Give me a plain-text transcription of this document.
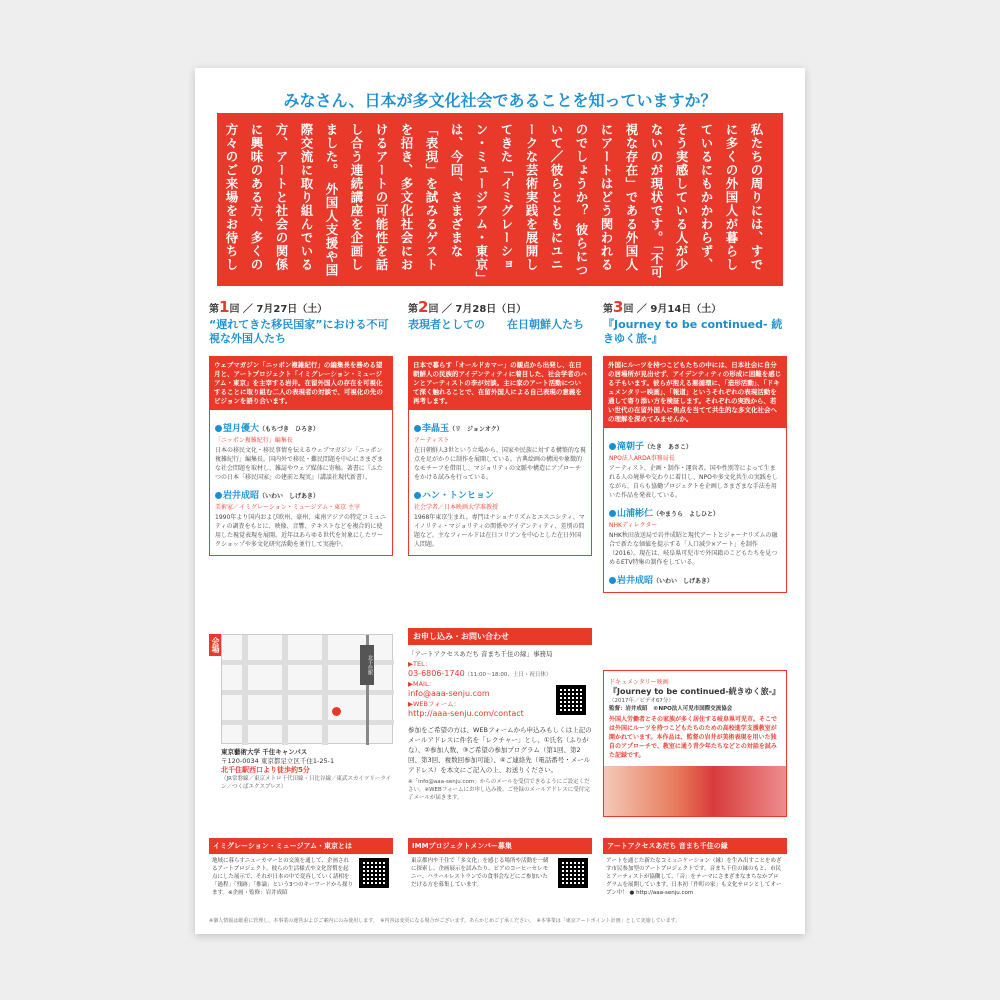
みなさん、日本が多文化社会であることを知っていますか？
私たちの周りには、すでに多くの外国人が暮らしているにもかかわらず、そう実感している人が少ないのが現状です。「不可視な存在」である外国人にアートはどう関われるのでしょうか？ 彼らについて／彼らとともにユニークな芸術実践を展開してきた「イミグレーション・ミュージアム・東京」は、今回、さまざまな「表現」を試みるゲストを招き、多文化社会におけるアートの可能性を話し合う連続講座を企画しました。 外国人支援や国際交流に取り組んでいる方、アートと社会の関係に興味のある方、多くの方々のご来場をお待ちしています。
第1回 ／ 7月27日（土）
“遅れてきた移民国家”における不可視な外国人たち
ウェブマガジン「ニッポン複雑紀行」の編集長を務める望月と、アートプロジェクト「イミグレーション・ミュージアム・東京」を主宰する岩井。在留外国人の存在を可視化することに取り組む二人の表現者の対談で、可視化の先のビジョンを語り合います。
望月優大（もちづき　ひろき）
「ニッポン複雑紀行」編集長
日本の移民文化・移民事情を伝えるウェブマガジン「ニッポン複雑紀行」編集長。国内外で移民・難民問題を中心にさまざまな社会問題を取材し、雑誌やウェブ媒体に寄稿。著書に『ふたつの日本「移民国家」の建前と現実』（講談社現代新書）。
岩井成昭（いわい　しげあき）
美術家／イミグレーション・ミュージアム・東京 主宰
1990年より国内および欧州、豪州、東南アジアの特定コミュニティの調査をもとに、映像、音響、テキストなどを複合的に使用した視覚表現を展開。近年はあらゆる世代を対象にしたワークショップや多文化研究活動を並行して実施中。
第2回 ／ 7月28日（日）
表現者としての　　在日朝鮮人たち
日本で暮らす「オールドカマー」の観点から出発し、在日朝鮮人の民族的アイデンティティに着目した、社会学者のハンとアーティストの李が対談。主に家のアート活動について深く触れることで、在留外国人による自己表現の意義を再考します。
李晶玉（リ　ジョンオク）
アーティスト
在日朝鮮人3世という立場から、国家や民族に対する構築的な視点を足がかりに制作を展開している。古典絵画の構図や象徴的なモチーフを借用し、マジョリティの文脈や構造にアプローチをかける試みを行っている。
ハン・トンヒョン
社会学者／日本映画大学准教授
1968年東京生まれ。専門はナショナリズムとエスニシティ、マイノリティ・マジョリティの関係やアイデンティティ、差別の問題など。主なフィールドは在日コリアンを中心とした在日外国人問題。
第3回 ／ 9月14日（土）
『Journey to be continued- 続きゆく旅-』
外国にルーツを持つこどもたちの中には、日本社会に自分の居場所が見出せず、アイデンティティの形成に困難を感じる子もいます。彼らが抱える悪循環に、「造形活動」、「ドキュメンタリー映画」、「報道」というそれぞれの表現活動を通して寄り添い方を検証します。それぞれの実践から、若い世代の在留外国人に焦点を当てて共生的な多文化社会への理解を深めてみませんか。
滝朝子（たき　あさこ）
NPO法人ARDA事務局長
アーティスト、企画・制作・運営者。国や性別等によって生まれる人の境界や交わりに着目し、NPOや多文化共生の実践をしながら、自らも協働プロジェクトを企画しさまざまな手法を用いた作品を発表している。
山浦彬仁（やまうら　よしひと）
NHKディレクター
NHK秋田放送局で岩井成昭と現代アートとジャーナリズムの融合で新たな価値を提示する「人口減少×アート」を制作（2016）。現在は、岐阜県可児市で外国籍のこどもたちを見つめるETV特集の制作をしている。
岩井成昭（いわい　しげあき）
ドキュメンタリー映画
『Journey to be continued-続きゆく旅-』
（2017年／ビデオ67分）
監督：岩井成昭　©NPO法人可児市国際交流協会
外国人労働者とその家族が多く居住する岐阜県可児市。そこでは外国にルーツを持つこどもたちのための高校進学支援教室が開かれています。本作品は、監督の岩井が美術表現を用いた独自のアプローチで、教室に通う青少年たちなどとの対話を試みた記録です。
会場
北千住駅
東京藝術大学 千住キャンパス
〒120-0034 東京都足立区千住1-25-1
北千住駅西口より徒歩約5分
（JR常磐線／東京メトロ千代田線・日比谷線／東武スカイツリーライン／つくばエクスプレス）
お申し込み・お問い合わせ
「アートアクセスあだち 音まち千住の縁」事務局
▶TEL：
03-6806-1740（11:00〜18:00、土日・祝日休）
▶MAIL：
info@aaa-senju.com
▶WEBフォーム：
http://aaa-senju.com/contact
参加をご希望の方は、WEBフォームから申込みもしくは上記のメールアドレスに件名を「レクチャー」とし、①氏名（ふりがな）、②参加人数、③ご希望の参加プログラム（第1回、第2回、第3回、複数回参加可能）、④ご連絡先（電話番号・メールアドレス）を本文にご記入の上、お送りください。
※「info@aaa-senju.com」からのメールを受信できるようにご設定ください。※WEBフォームにお申し込み後、ご登録のメールアドレスに受付完了メールが届きます。
イミグレーション・ミュージアム・東京とは
地域に暮らすニューカマーとの交流を通して、企画されるアートプロジェクト。彼らの生活様式や文化習慣を起点にした展示で、それが日本の中で変容していく諸相を「過程」「残跡」「推論」という3つのキーワードから探ります。※企画・監修：岩井成昭
IMMプロジェクトメンバー募集
東京都内や千住で「多文化」を感じる場所や活動を一緒に探索し、企画展示を試みたり、ピアのコーヒーセレモニー、ハラールレストランでの食事会などにご参加いただける方を募集しています。
アートアクセスあだち 音まち千住の縁
アートを通じた新たなコミュニケーション（縁）を生み出すことをめざす市民参加型のアートプロジェクトです。音まち千住の縁のもと、市民とアーティストが協働して、「音」をテーマにさまざまなまちなかプログラムを展開しています。日本初「作町の家」も文化サロンとしてオープン中！ ● http://aaa-senju.com
※個人情報は厳重に管理し、本事業の運営およびご案内にのみ使用します。　※内容は変更になる場合がございます。あらかじめご了承ください。　※本事業は「東京アートポイント計画」として実施しています。
